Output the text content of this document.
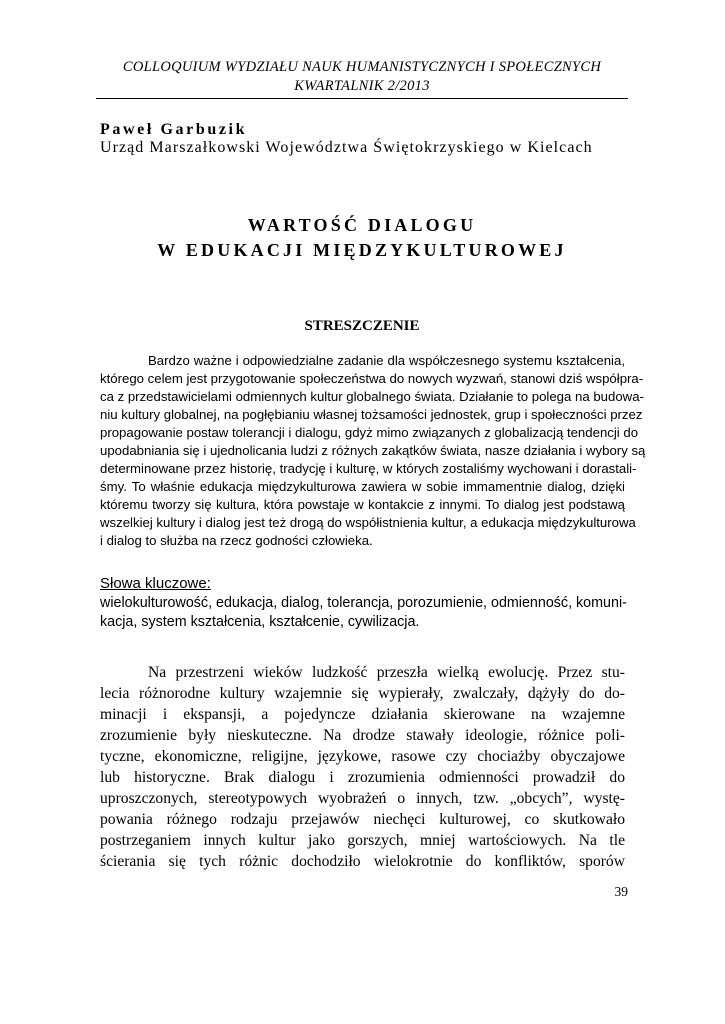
COLLOQUIUM WYDZIAŁU NAUK HUMANISTYCZNYCH I SPOŁECZNYCH
KWARTALNIK 2/2013
Paweł Garbuzik
Urząd Marszałkowski Województwa Świętokrzyskiego w Kielcach
WARTOŚĆ DIALOGU
W EDUKACJI MIĘDZYKULTUROWEJ
STRESZCZENIE
Bardzo ważne i odpowiedzialne zadanie dla współczesnego systemu kształcenia,
którego celem jest przygotowanie społeczeństwa do nowych wyzwań, stanowi dziś współpra-
ca z przedstawicielami odmiennych kultur globalnego świata. Działanie to polega na budowa-
niu kultury globalnej, na pogłębianiu własnej tożsamości jednostek, grup i społeczności przez
propagowanie postaw tolerancji i dialogu, gdyż mimo związanych z globalizacją tendencji do
upodabniania się i ujednolicania ludzi z różnych zakątków świata, nasze działania i wybory są
determinowane przez historię, tradycję i kulturę, w których zostaliśmy wychowani i dorastali-
śmy. To właśnie edukacja międzykulturowa zawiera w sobie immamentnie dialog, dzięki
któremu tworzy się kultura, która powstaje w kontakcie z innymi. To dialog jest podstawą
wszelkiej kultury i dialog jest też drogą do współistnienia kultur, a edukacja międzykulturowa
i dialog to służba na rzecz godności człowieka.
Słowa kluczowe:
wielokulturowość, edukacja, dialog, tolerancja, porozumienie, odmienność, komuni-
kacja, system kształcenia, kształcenie, cywilizacja.
Na przestrzeni wieków ludzkość przeszła wielką ewolucję. Przez stu-
lecia różnorodne kultury wzajemnie się wypierały, zwalczały, dążyły do do-
minacji i ekspansji, a pojedyncze działania skierowane na wzajemne
zrozumienie były nieskuteczne. Na drodze stawały ideologie, różnice poli-
tyczne, ekonomiczne, religijne, językowe, rasowe czy chociażby obyczajowe
lub historyczne. Brak dialogu i zrozumienia odmienności prowadził do
uproszczonych, stereotypowych wyobrażeń o innych, tzw. „obcych”, wystę-
powania różnego rodzaju przejawów niechęci kulturowej, co skutkowało
postrzeganiem innych kultur jako gorszych, mniej wartościowych. Na tle
ścierania się tych różnic dochodziło wielokrotnie do konfliktów, sporów
39
